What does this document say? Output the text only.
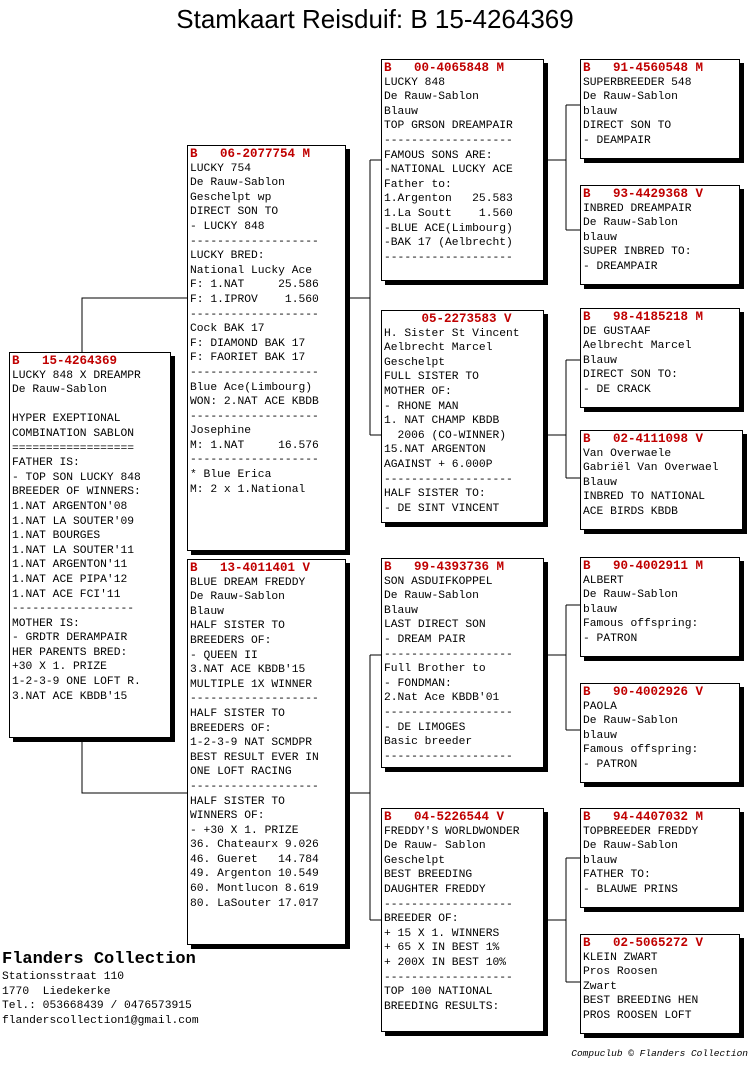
Stamkaart Reisduif: B 15-4264369
B   15-4264369
LUCKY 848 X DREAMPR
De Rauw-Sablon
HYPER EXEPTIONAL
COMBINATION SABLON
==================
FATHER IS:
- TOP SON LUCKY 848
BREEDER OF WINNERS:
1.NAT ARGENTON'08
1.NAT LA SOUTER'09
1.NAT BOURGES
1.NAT LA SOUTER'11
1.NAT ARGENTON'11
1.NAT ACE PIPA'12
1.NAT ACE FCI'11
------------------
MOTHER IS:
- GRDTR DERAMPAIR
HER PARENTS BRED:
+30 X 1. PRIZE
1-2-3-9 ONE LOFT R.
3.NAT ACE KBDB'15
B   06-2077754 M
LUCKY 754
De Rauw-Sablon
Geschelpt wp
DIRECT SON TO
- LUCKY 848
-------------------
LUCKY BRED:
National Lucky Ace
F: 1.NAT     25.586
F: 1.IPROV    1.560
-------------------
Cock BAK 17
F: DIAMOND BAK 17
F: FAORIET BAK 17
-------------------
Blue Ace(Limbourg)
WON: 2.NAT ACE KBDB
-------------------
Josephine
M: 1.NAT     16.576
-------------------
* Blue Erica
M: 2 x 1.National
B   13-4011401 V
BLUE DREAM FREDDY
De Rauw-Sablon
Blauw
HALF SISTER TO
BREEDERS OF:
- QUEEN II
3.NAT ACE KBDB'15
MULTIPLE 1X WINNER
-------------------
HALF SISTER TO
BREEDERS OF:
1-2-3-9 NAT SCMDPR
BEST RESULT EVER IN
ONE LOFT RACING
-------------------
HALF SISTER TO
WINNERS OF:
- +30 X 1. PRIZE
36. Chateaurx 9.026
46. Gueret   14.784
49. Argenton 10.549
60. Montlucon 8.619
80. LaSouter 17.017
B   00-4065848 M
LUCKY 848
De Rauw-Sablon
Blauw
TOP GRSON DREAMPAIR
-------------------
FAMOUS SONS ARE:
-NATIONAL LUCKY ACE
Father to:
1.Argenton   25.583
1.La Soutt    1.560
-BLUE ACE(Limbourg)
-BAK 17 (Aelbrecht)
-------------------
05-2273583 V
H. Sister St Vincent
Aelbrecht Marcel
Geschelpt
FULL SISTER TO
MOTHER OF:
- RHONE MAN
1. NAT CHAMP KBDB
2006 (CO-WINNER)
15.NAT ARGENTON
AGAINST + 6.000P
-------------------
HALF SISTER TO:
- DE SINT VINCENT
B   99-4393736 M
SON ASDUIFKOPPEL
De Rauw-Sablon
Blauw
LAST DIRECT SON
- DREAM PAIR
-------------------
Full Brother to
- FONDMAN:
2.Nat Ace KBDB'01
-------------------
- DE LIMOGES
Basic breeder
-------------------
B   04-5226544 V
FREDDY'S WORLDWONDER
De Rauw- Sablon
Geschelpt
BEST BREEDING
DAUGHTER FREDDY
-------------------
BREEDER OF:
+ 15 X 1. WINNERS
+ 65 X IN BEST 1%
+ 200X IN BEST 10%
-------------------
TOP 100 NATIONAL
BREEDING RESULTS:
B   91-4560548 M
SUPERBREEDER 548
De Rauw-Sablon
blauw
DIRECT SON TO
- DEAMPAIR
B   93-4429368 V
INBRED DREAMPAIR
De Rauw-Sablon
blauw
SUPER INBRED TO:
- DREAMPAIR
B   98-4185218 M
DE GUSTAAF
Aelbrecht Marcel
Blauw
DIRECT SON TO:
- DE CRACK
B   02-4111098 V
Van Overwaele
Gabriël Van Overwael
Blauw
INBRED TO NATIONAL
ACE BIRDS KBDB
B   90-4002911 M
ALBERT
De Rauw-Sablon
blauw
Famous offspring:
- PATRON
B   90-4002926 V
PAOLA
De Rauw-Sablon
blauw
Famous offspring:
- PATRON
B   94-4407032 M
TOPBREEDER FREDDY
De Rauw-Sablon
blauw
FATHER TO:
- BLAUWE PRINS
B   02-5065272 V
KLEIN ZWART
Pros Roosen
Zwart
BEST BREEDING HEN
PROS ROOSEN LOFT
Flanders Collection
Stationsstraat 110
1770  Liedekerke
Tel.: 053668439 / 0476573915
flanderscollection1@gmail.com
Compuclub © Flanders Collection
